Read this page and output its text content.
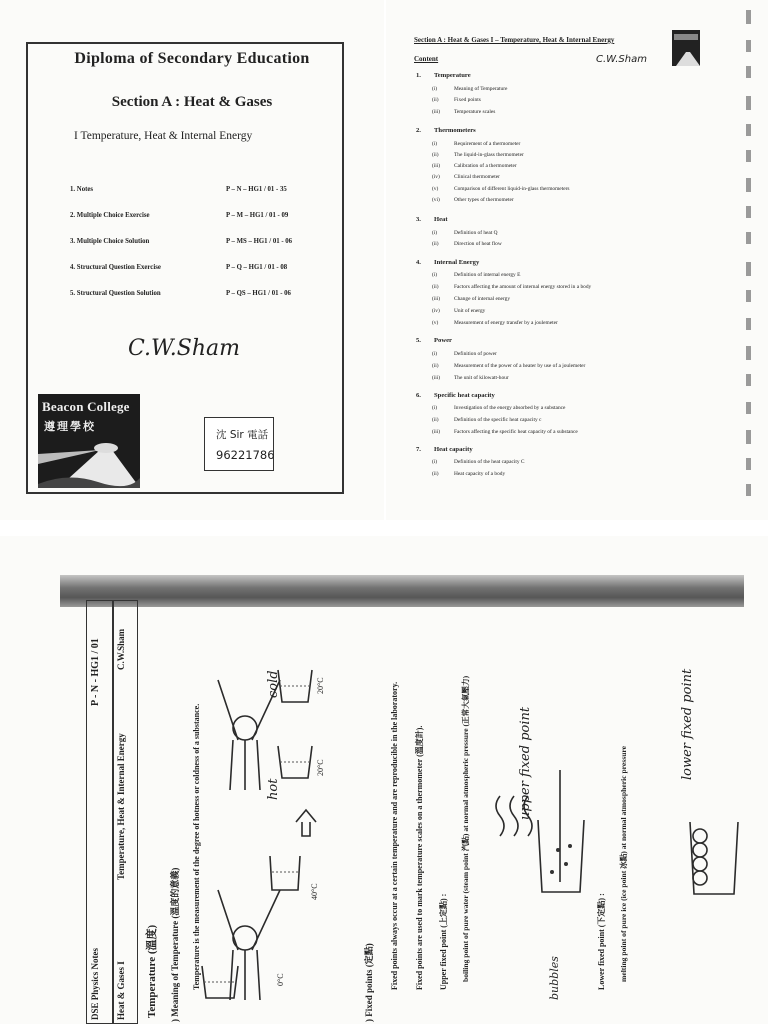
Diploma of Secondary Education
Section A : Heat & Gases
I Temperature, Heat & Internal Energy
1. Notes	P – N – HG1 / 01 - 35
2. Multiple Choice Exercise	P – M – HG1 / 01 - 09
3. Multiple Choice Solution	P – MS – HG1 / 01 - 06
4. Structural Question Exercise	P – Q – HG1 / 01 - 08
5. Structural Question Solution	P – QS – HG1 / 01 - 06
C.W.Sham
Beacon College
遵理學校
沈 Sir 電話
96221786
Section A : Heat & Gases I – Temperature, Heat & Internal Energy
Content	C.W.Sham
1. Temperature
(i)	Meaning of Temperature
(ii)	Fixed points
(iii)	Temperature scales
2. Thermometers
(i)	Requirement of a thermometer
(ii)	The liquid-in-glass thermometer
(iii)	Calibration of a thermometer
(iv)	Clinical thermometer
(v)	Comparison of different liquid-in-glass thermometers
(vi)	Other types of thermometer
3. Heat
(i)	Definition of heat Q
(ii)	Direction of heat flow
4. Internal Energy
(i)	Definition of internal energy E
(ii)	Factors affecting the amount of internal energy stored in a body
(iii)	Change of internal energy
(iv)	Unit of energy
(v)	Measurement of energy transfer by a joulemeter
5. Power
(i)	Definition of power
(ii)	Measurement of the power of a heater by use of a joulemeter
(iii)	The unit of kilowatt-hour
6. Specific heat capacity
(i)	Investigation of the energy absorbed by a substance
(ii)	Definition of the specific heat capacity c
(iii)	Factors affecting the specific heat capacity of a substance
7. Heat capacity
(i)	Definition of the heat capacity C
(ii)	Heat capacity of a body
DSE Physics Notes Heat & Gases I
Temperature, Heat & Internal Energy
P - N - HG1 / 01 C.W.Sham
Temperature (溫度) ) Meaning of Temperature (溫度的意義) Temperature is the measurement of the degree of hotness or coldness of a substance.	) Fixed points (定點) Fixed points always occur at a certain temperature and are reproducible in the laboratory. Fixed points are used to mark temperature scales on a thermometer (溫度計). Upper fixed point (上定點) : boiling point of pure water (steam point 汽點) at normal atmospheric pressure (正常大氣壓力)	Lower fixed point (下定點) : melting point of pure ice (ice point 冰點) at normal atmospheric pressure
0°C
40°C
20°C
20°C
hot
cold
upper fixed point	lower fixed point
bubbles
